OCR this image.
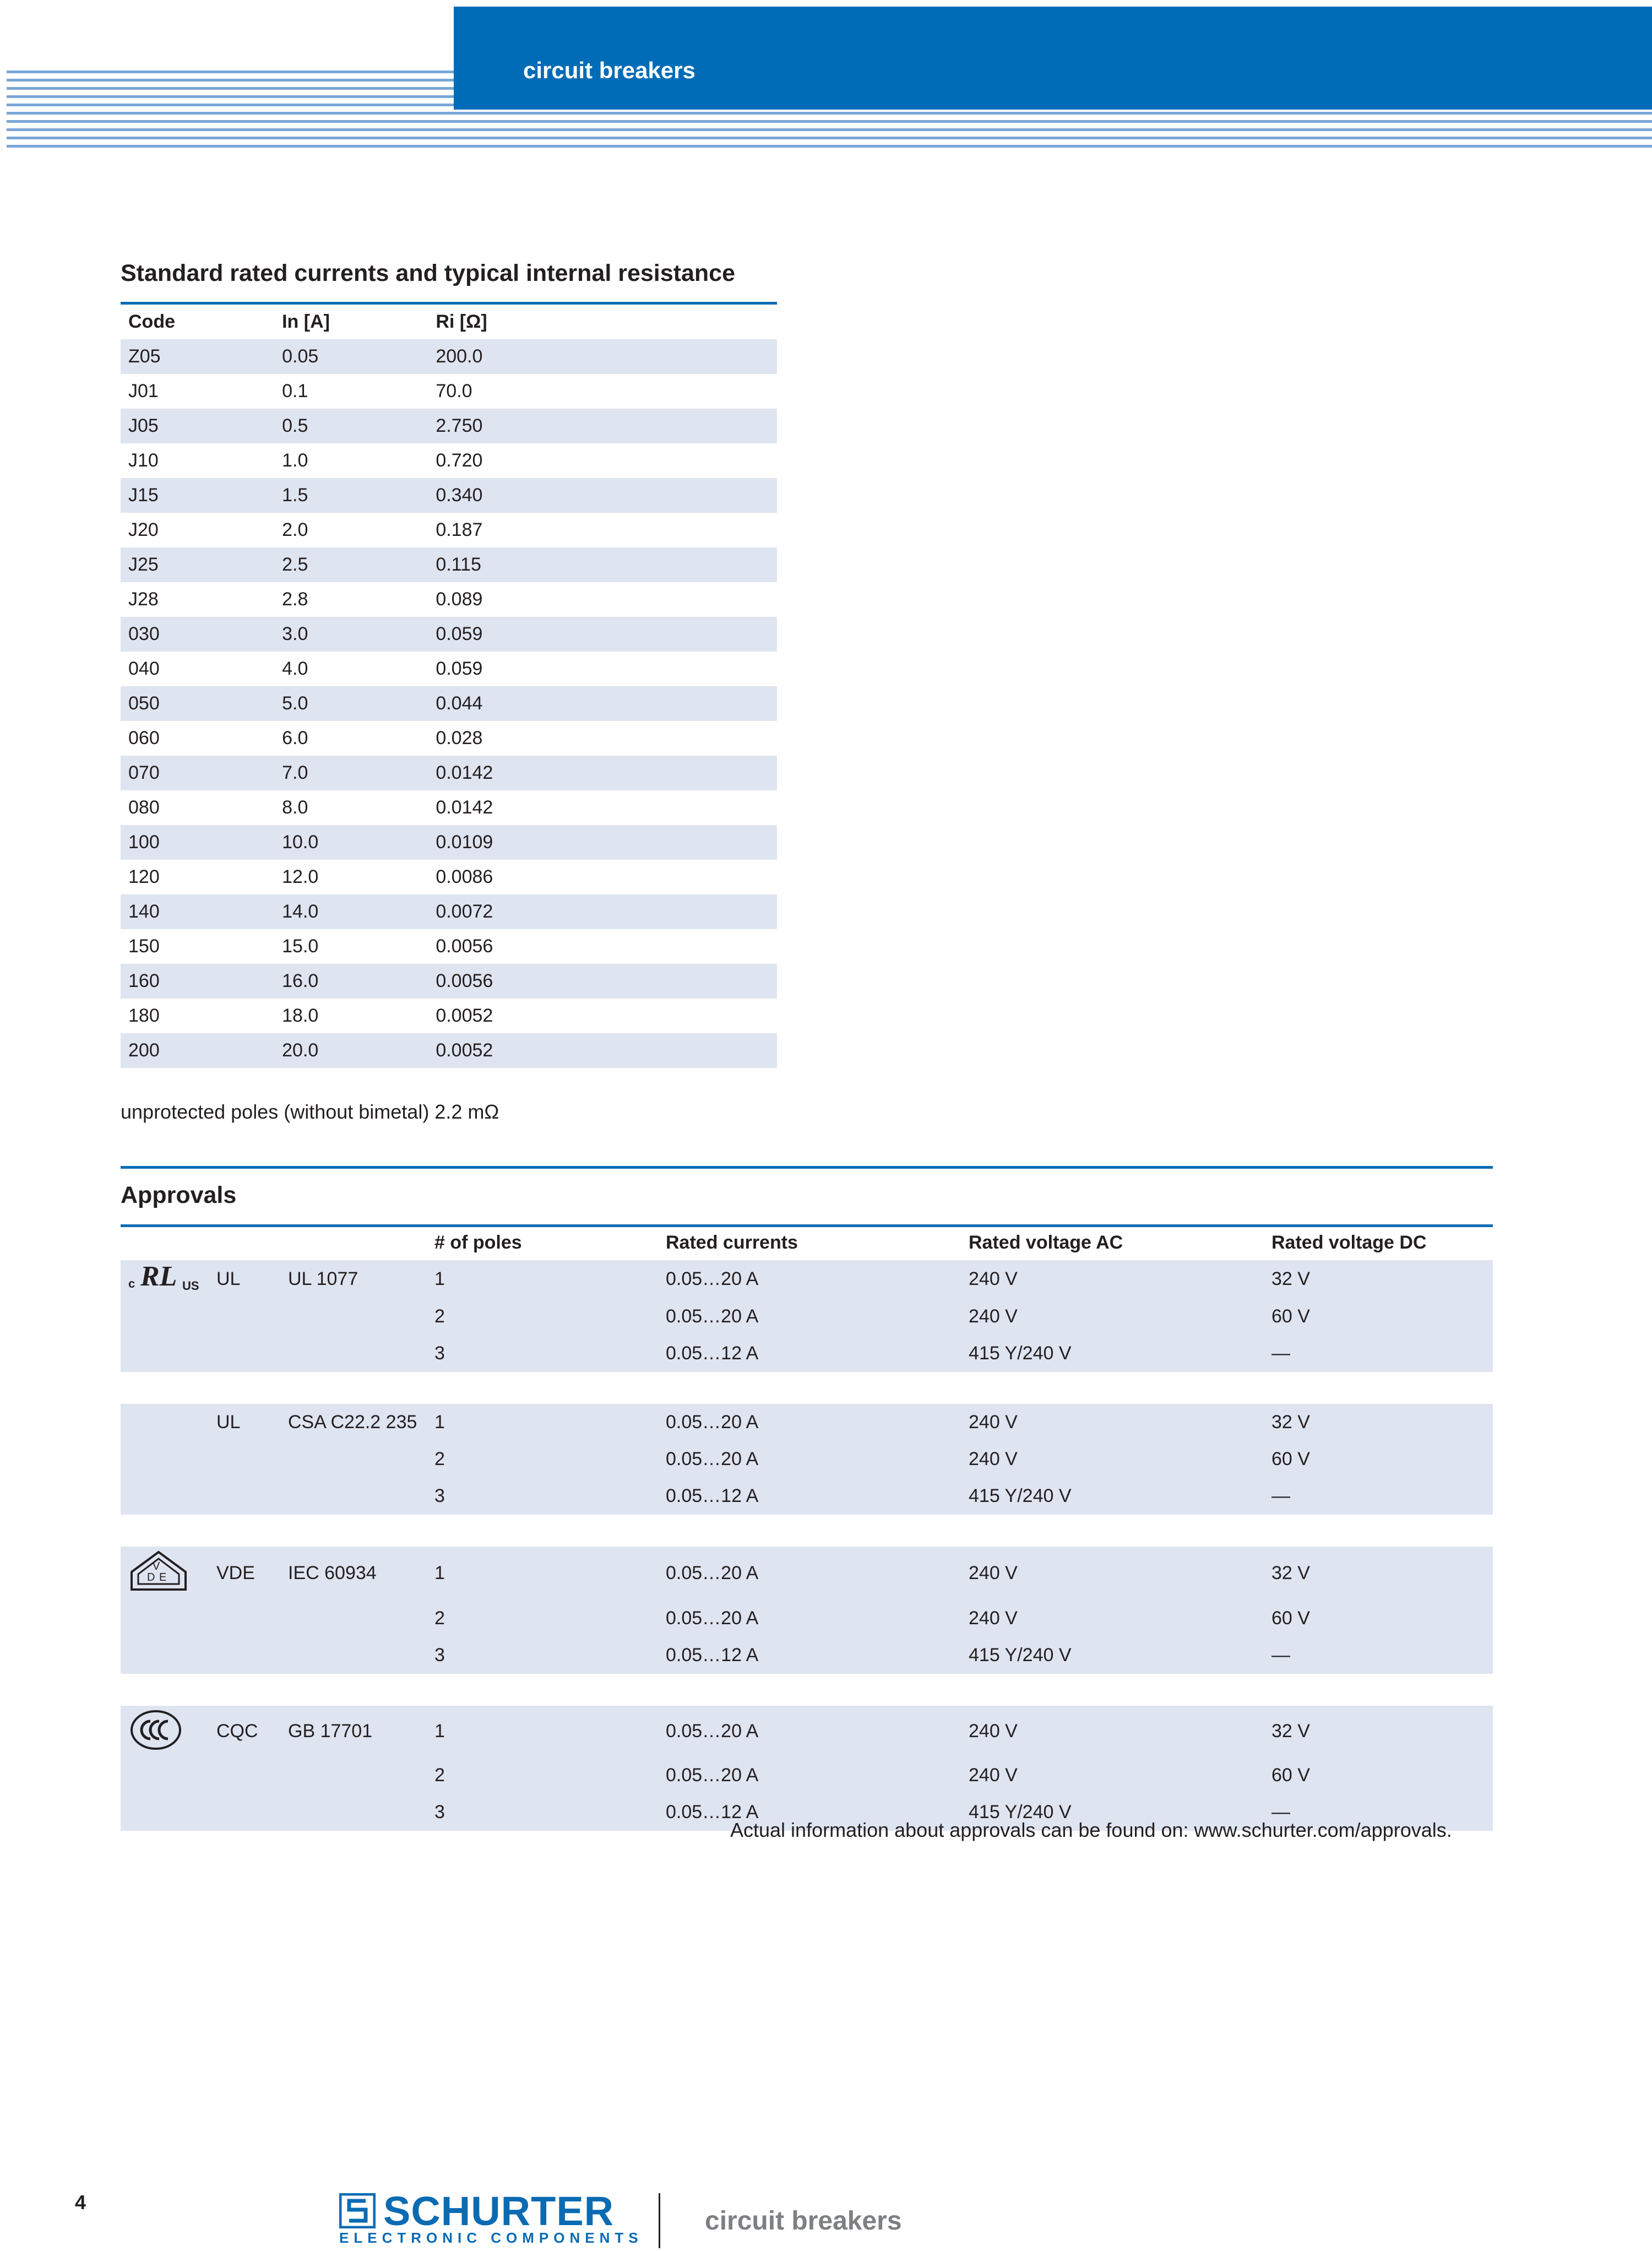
circuit breakers
Standard rated currents and typical internal resistance
Code	In [A]	Ri [Ω]	
Z05	0.05	200.0	
J01	0.1	70.0	
J05	0.5	2.750	
J10	1.0	0.720	
J15	1.5	0.340	
J20	2.0	0.187	
J25	2.5	0.115	
J28	2.8	0.089	
030	3.0	0.059	
040	4.0	0.059	
050	5.0	0.044	
060	6.0	0.028	
070	7.0	0.0142	
080	8.0	0.0142	
100	10.0	0.0109	
120	12.0	0.0086	
140	14.0	0.0072	
150	15.0	0.0056	
160	16.0	0.0056	
180	18.0	0.0052	
200	20.0	0.0052	
unprotected poles (without bimetal) 2.2 mΩ
Approvals
			# of poles	Rated currents	Rated voltage AC	Rated voltage DC

c RL US	UL	UL 1077	1	0.05…20 A	240 V	32 V
			2	0.05…20 A	240 V	60 V
			3	0.05…12 A	415 Y/240 V	—

	UL	CSA C22.2 235	1	0.05…20 A	240 V	32 V
			2	0.05…20 A	240 V	60 V
			3	0.05…12 A	415 Y/240 V	—

V
D E	VDE	IEC 60934	1	0.05…20 A	240 V	32 V
			2	0.05…20 A	240 V	60 V
			3	0.05…12 A	415 Y/240 V	—

	CQC	GB 17701	1	0.05…20 A	240 V	32 V
			2	0.05…20 A	240 V	60 V
			3	0.05…12 A	415 Y/240 V	—
Actual information about approvals can be found on: www.schurter.com/approvals.
4	SCHURTER
ELECTRONIC COMPONENTS
circuit breakers
